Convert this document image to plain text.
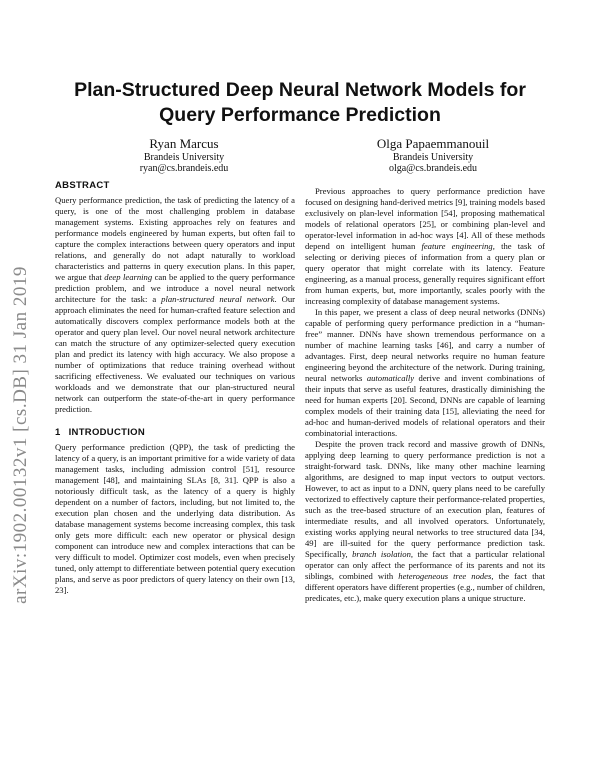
arXiv:1902.00132v1 [cs.DB] 31 Jan 2019
Plan-Structured Deep Neural Network Models for Query Performance Prediction
Ryan Marcus
Brandeis University
ryan@cs.brandeis.edu
Olga Papaemmanouil
Brandeis University
olga@cs.brandeis.edu
ABSTRACT

Query performance prediction, the task of predicting the latency of a query, is one of the most challenging problem in database management systems. Existing approaches rely on features and performance models engineered by human experts, but often fail to capture the complex interactions between query operators and input relations, and generally do not adapt naturally to workload characteristics and patterns in query execution plans. In this paper, we argue that deep learning can be applied to the query performance prediction problem, and we introduce a novel neural network architecture for the task: a plan-structured neural network. Our approach eliminates the need for human-crafted feature selection and automatically discovers complex performance models both at the operator and query plan level. Our novel neural network architecture can match the structure of any optimizer-selected query execution plan and predict its latency with high accuracy. We also propose a number of optimizations that reduce training overhead without sacrificing effectiveness. We evaluated our techniques on various workloads and we demonstrate that our plan-structured neural network can outperform the state-of-the-art in query performance prediction.

1 INTRODUCTION

Query performance prediction (QPP), the task of predicting the latency of a query, is an important primitive for a wide variety of data management tasks, including admission control [51], resource management [48], and maintaining SLAs [8, 31]. QPP is also a notoriously difficult task, as the latency of a query is highly dependent on a number of factors, including, but not limited to, the execution plan chosen and the underlying data distribution. As database management systems become increasing complex, this task only gets more difficult: each new operator or physical design component can introduce new and complex interactions that can be very difficult to model. Optimizer cost models, even when precisely tuned, only attempt to differentiate between potential query execution plans, and serve as poor predictors of query latency on their own [13, 23].

Previous approaches to query performance prediction have focused on designing hand-derived metrics [9], training models based exclusively on plan-level information [54], proposing mathematical models of relational operators [25], or combining plan-level and operator-level information in ad-hoc ways [4]. All of these methods depend on intelligent human feature engineering, the task of selecting or deriving pieces of information from a query plan or query operator that might correlate with its latency. Feature engineering, as a manual process, generally requires significant effort from human experts, but, more importantly, scales poorly with the increasing complexity of database management systems.

In this paper, we present a class of deep neural networks (DNNs) capable of performing query performance prediction in a “human-free” manner. DNNs have shown tremendous performance on a number of machine learning tasks [46], and carry a number of advantages. First, deep neural networks require no human feature engineering beyond the architecture of the network. During training, neural networks automatically derive and invent combinations of their inputs that serve as useful features, drastically diminishing the need for human experts [20]. Second, DNNs are capable of learning complex models of their training data [15], alleviating the need for ad-hoc and human-derived models of relational operators and their combinatorial interactions.

Despite the proven track record and massive growth of DNNs, applying deep learning to query performance prediction is not a straight-forward task. DNNs, like many other machine learning algorithms, are designed to map input vectors to output vectors. However, to act as input to a DNN, query plans need to be carefully vectorized to effectively capture their performance-related properties, such as the tree-based structure of an execution plan, features of intermediate results, and all involved operators. Unfortunately, existing works applying neural networks to tree structured data [34, 49] are ill-suited for the query performance prediction task. Specifically, branch isolation, the fact that a particular relational operator can only affect the performance of its parents and not its siblings, combined with heterogeneous tree nodes, the fact that different operators have different properties (e.g., number of children, predicates, etc.), make query execution plans a unique structure.
